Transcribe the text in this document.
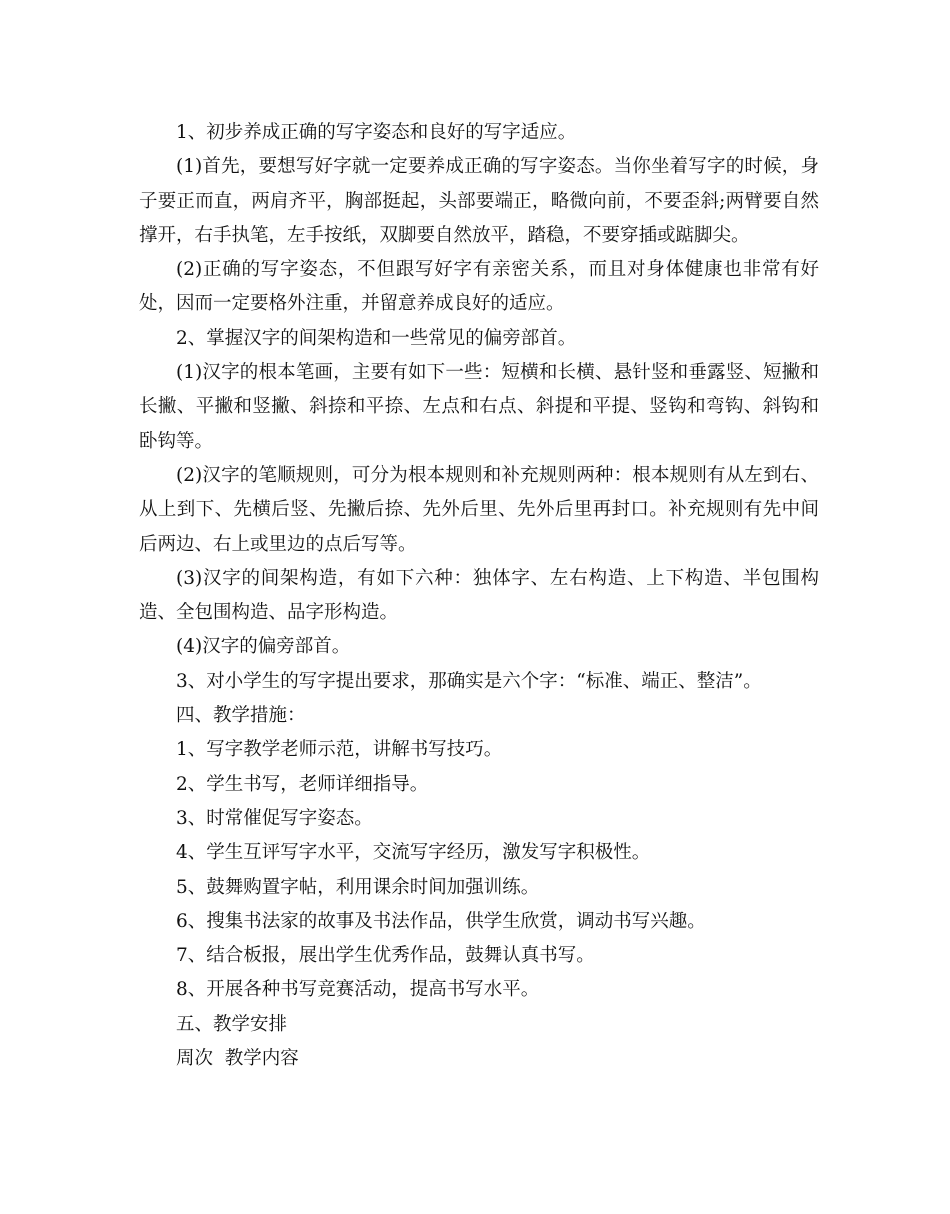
1、初步养成正确的写字姿态和良好的写字适应。

(1)首先，要想写好字就一定要养成正确的写字姿态。当你坐着写字的时候，身子要正而直，两肩齐平，胸部挺起，头部要端正，略微向前，不要歪斜;两臂要自然撑开，右手执笔，左手按纸，双脚要自然放平，踏稳，不要穿插或踮脚尖。

(2)正确的写字姿态，不但跟写好字有亲密关系，而且对身体健康也非常有好处，因而一定要格外注重，并留意养成良好的适应。

2、掌握汉字的间架构造和一些常见的偏旁部首。

(1)汉字的根本笔画，主要有如下一些：短横和长横、悬针竖和垂露竖、短撇和长撇、平撇和竖撇、斜捺和平捺、左点和右点、斜提和平提、竖钩和弯钩、斜钩和卧钩等。

(2)汉字的笔顺规则，可分为根本规则和补充规则两种：根本规则有从左到右、从上到下、先横后竖、先撇后捺、先外后里、先外后里再封口。补充规则有先中间后两边、右上或里边的点后写等。

(3)汉字的间架构造，有如下六种：独体字、左右构造、上下构造、半包围构造、全包围构造、品字形构造。

(4)汉字的偏旁部首。

3、对小学生的写字提出要求，那确实是六个字：“标准、端正、整洁”。

四、教学措施：

1、写字教学老师示范，讲解书写技巧。

2、学生书写，老师详细指导。

3、时常催促写字姿态。

4、学生互评写字水平，交流写字经历，激发写字积极性。

5、鼓舞购置字帖，利用课余时间加强训练。

6、搜集书法家的故事及书法作品，供学生欣赏，调动书写兴趣。

7、结合板报，展出学生优秀作品，鼓舞认真书写。

8、开展各种书写竞赛活动，提高书写水平。

五、教学安排

周次  教学内容
